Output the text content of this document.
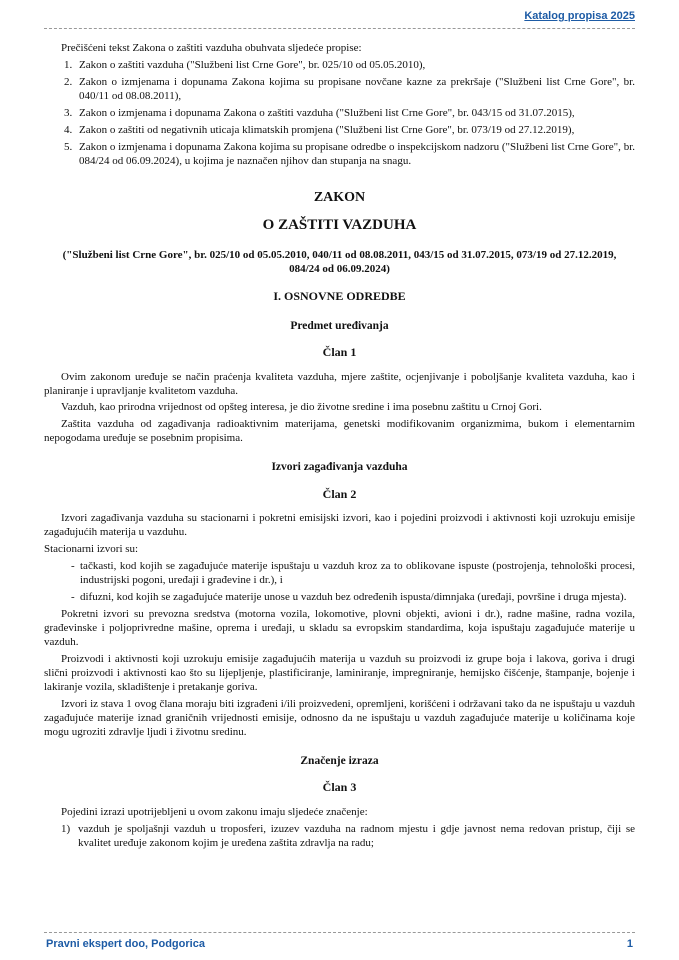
Katalog propisa 2025

Prečišćeni tekst Zakona o zaštiti vazduha obuhvata sljedeće propise:

1. Zakon o zaštiti vazduha ("Službeni list Crne Gore", br. 025/10 od 05.05.2010),
2. Zakon o izmjenama i dopunama Zakona kojima su propisane novčane kazne za prekršaje ("Službeni list Crne Gore", br. 040/11 od 08.08.2011),
3. Zakon o izmjenama i dopunama Zakona o zaštiti vazduha ("Službeni list Crne Gore", br. 043/15 od 31.07.2015),
4. Zakon o zaštiti od negativnih uticaja klimatskih promjena ("Službeni list Crne Gore", br. 073/19 od 27.12.2019),
5. Zakon o izmjenama i dopunama Zakona kojima su propisane odredbe o inspekcijskom nadzoru ("Službeni list Crne Gore", br. 084/24 od 06.09.2024), u kojima je naznačen njihov dan stupanja na snagu.
ZAKON
O ZAŠTITI VAZDUHA

("Službeni list Crne Gore", br. 025/10 od 05.05.2010, 040/11 od 08.08.2011, 043/15 od 31.07.2015, 073/19 od 27.12.2019, 084/24 od 06.09.2024)

I. OSNOVNE ODREDBE
Predmet uređivanja
Član 1

Ovim zakonom uređuje se način praćenja kvaliteta vazduha, mjere zaštite, ocjenjivanje i poboljšanje kvaliteta vazduha, kao i planiranje i upravljanje kvalitetom vazduha.

Vazduh, kao prirodna vrijednost od opšteg interesa, je dio životne sredine i ima posebnu zaštitu u Crnoj Gori.

Zaštita vazduha od zagađivanja radioaktivnim materijama, genetski modifikovanim organizmima, bukom i elementarnim nepogodama uređuje se posebnim propisima.

Izvori zagađivanja vazduha
Član 2

Izvori zagađivanja vazduha su stacionarni i pokretni emisijski izvori, kao i pojedini proizvodi i aktivnosti koji uzrokuju emisije zagađujućih materija u vazduhu.

Stacionarni izvori su:

- tačkasti, kod kojih se zagađujuće materije ispuštaju u vazduh kroz za to oblikovane ispuste (postrojenja, tehnološki procesi, industrijski pogoni, uređaji i građevine i dr.), i
- difuzni, kod kojih se zagađujuće materije unose u vazduh bez određenih ispusta/dimnjaka (uređaji, površine i druga mjesta).

Pokretni izvori su prevozna sredstva (motorna vozila, lokomotive, plovni objekti, avioni i dr.), radne mašine, radna vozila, građevinske i poljoprivredne mašine, oprema i uređaji, u skladu sa evropskim standardima, koja ispuštaju zagađujuće materije u vazduh.

Proizvodi i aktivnosti koji uzrokuju emisije zagađujućih materija u vazduh su proizvodi iz grupe boja i lakova, goriva i drugi slični proizvodi i aktivnosti kao što su lijepljenje, plastificiranje, laminiranje, impregniranje, hemijsko čišćenje, štampanje, bojenje i lakiranje vozila, skladištenje i pretakanje goriva.

Izvori iz stava 1 ovog člana moraju biti izgrađeni i/ili proizvedeni, opremljeni, korišćeni i održavani tako da ne ispuštaju u vazduh zagađujuće materije iznad graničnih vrijednosti emisije, odnosno da ne ispuštaju u vazduh zagađujuće materije u količinama koje mogu ugroziti zdravlje ljudi i životnu sredinu.

Značenje izraza
Član 3

Pojedini izrazi upotrijebljeni u ovom zakonu imaju sljedeće značenje:

1) vazduh je spoljašnji vazduh u troposferi, izuzev vazduha na radnom mjestu i gdje javnost nema redovan pristup, čiji se kvalitet uređuje zakonom kojim je uređena zaštita zdravlja na radu;
Pravni ekspert doo, Podgorica	1
